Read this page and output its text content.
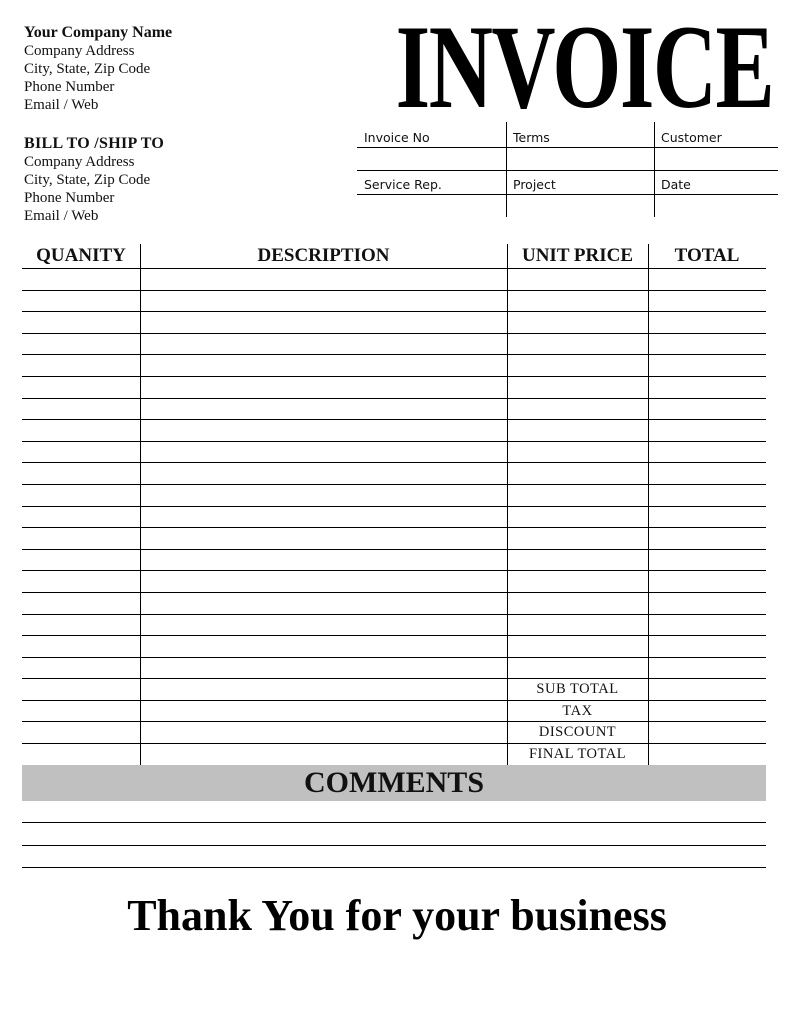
Your Company Name
Company Address
City, State, Zip Code
Phone Number
Email / Web
BILL TO /SHIP TO
Company Address
City, State, Zip Code
Phone Number
Email / Web
INVOICE
Invoice No	Terms	Customer
Service Rep.	Project	Date
QUANITY	DESCRIPTION	UNIT PRICE	TOTAL
SUB TOTAL
TAX
DISCOUNT
FINAL TOTAL
COMMENTS
Thank You for your business
